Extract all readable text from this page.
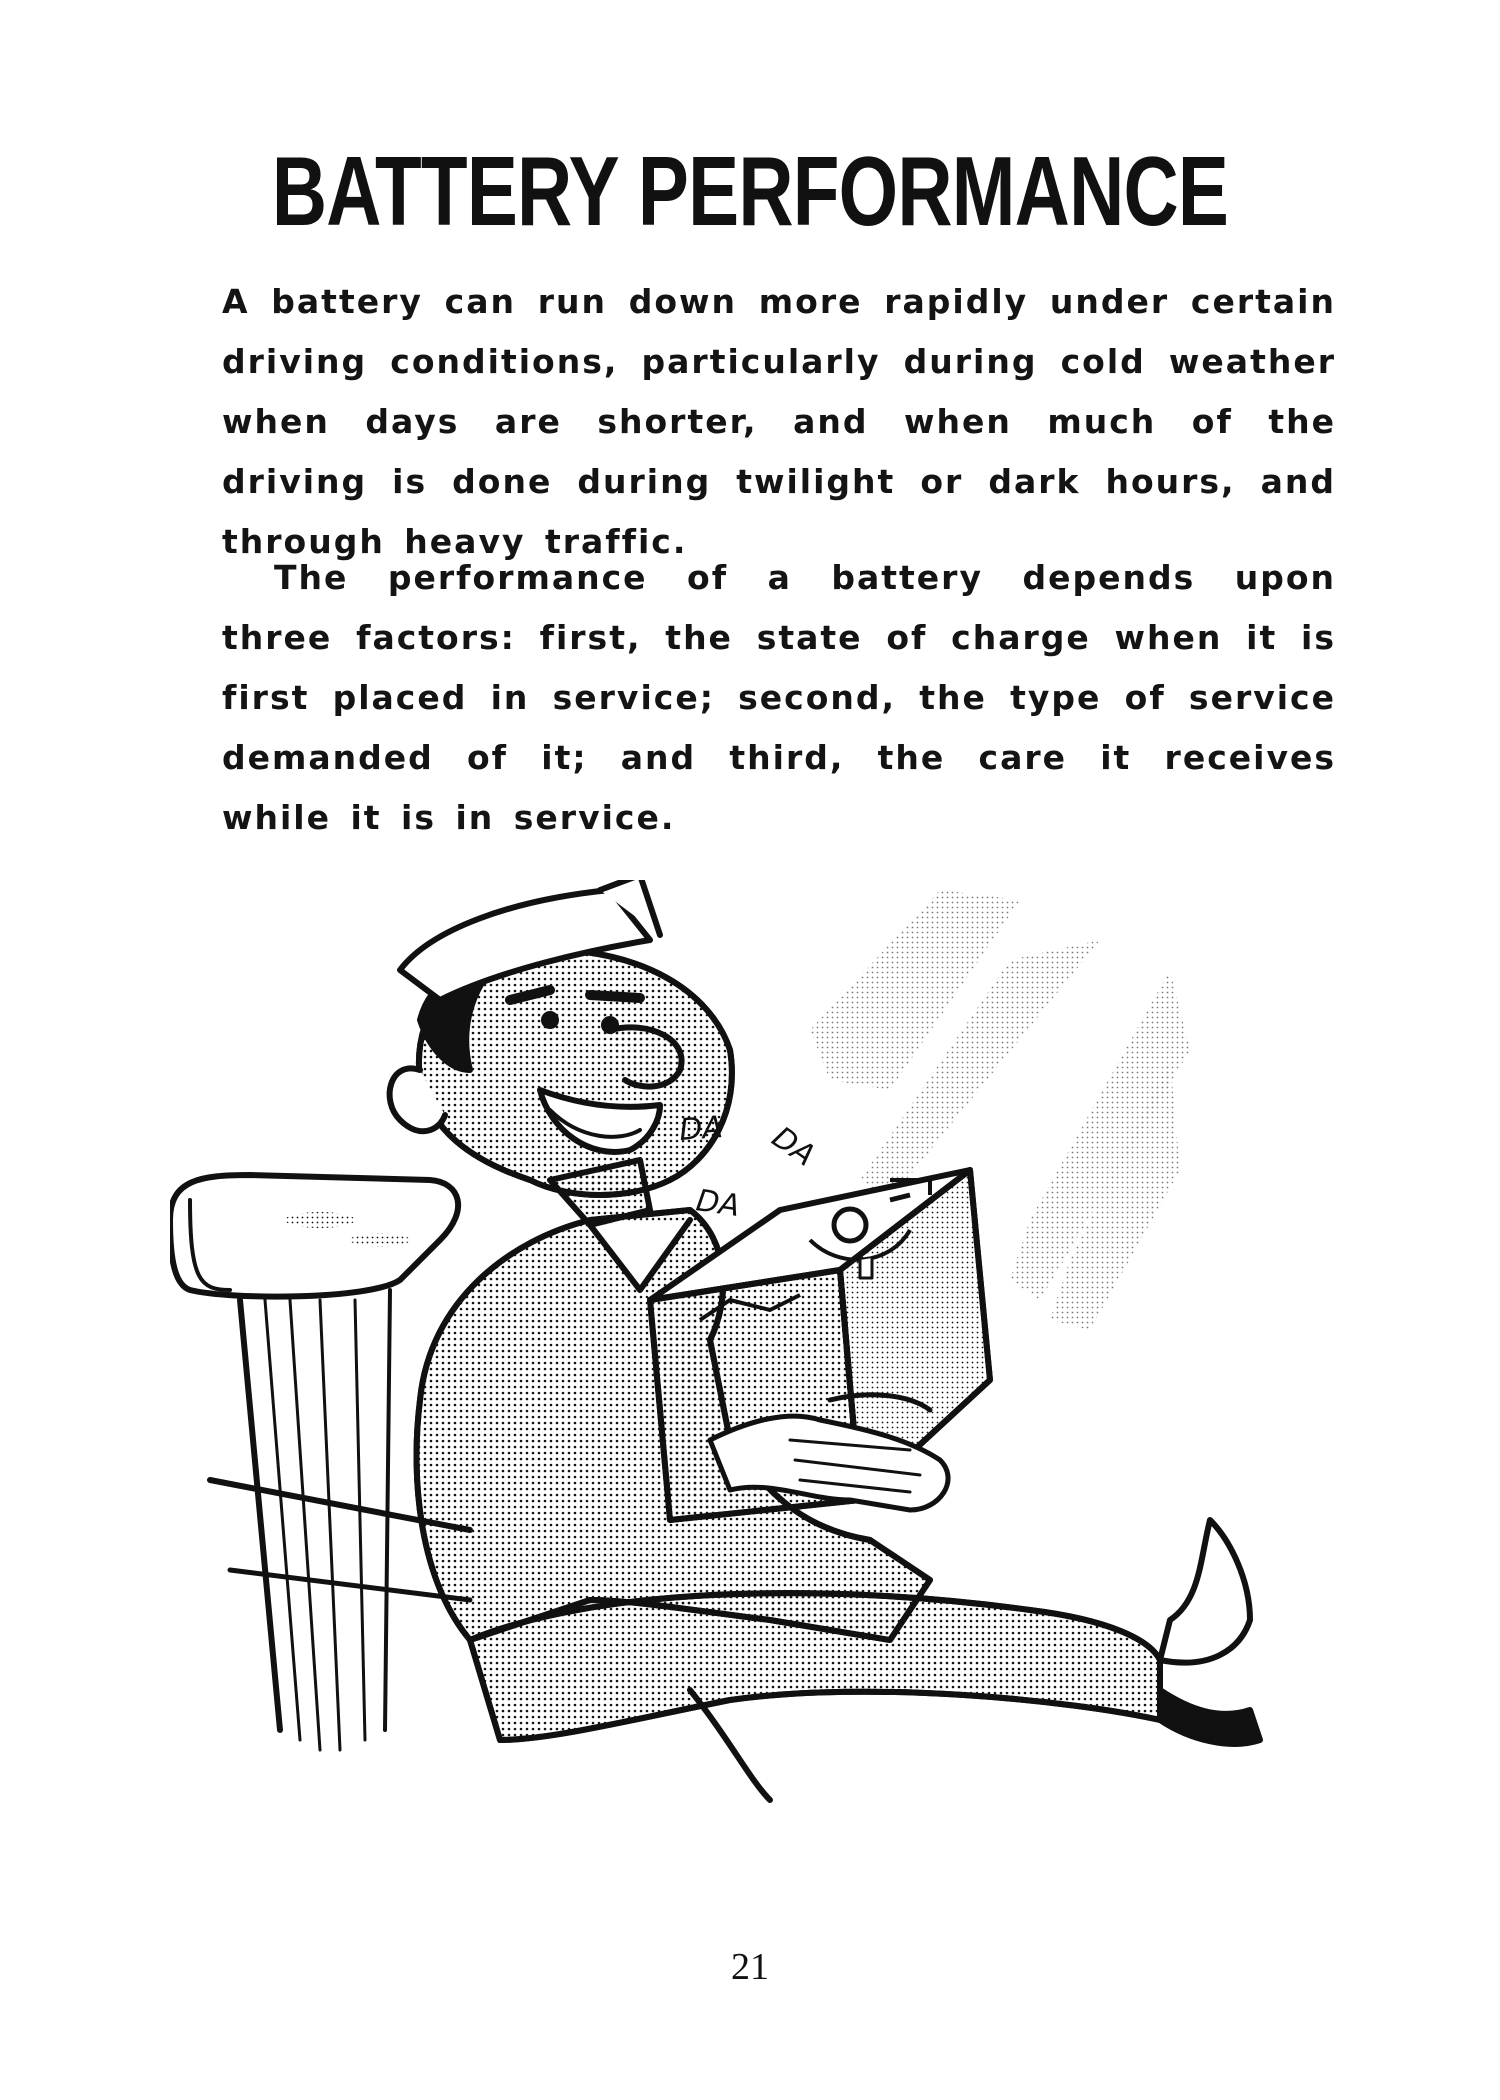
BATTERY PERFORMANCE

A battery can run down more rapidly under certain driving conditions, particularly during cold weather when days are shorter, and when much of the driving is done during twilight or dark hours, and through heavy traffic.

The performance of a battery depends upon three factors: first, the state of charge when it is first placed in service; second, the type of service demanded of it; and third, the care it receives while it is in service.

DA DA
DA
21
